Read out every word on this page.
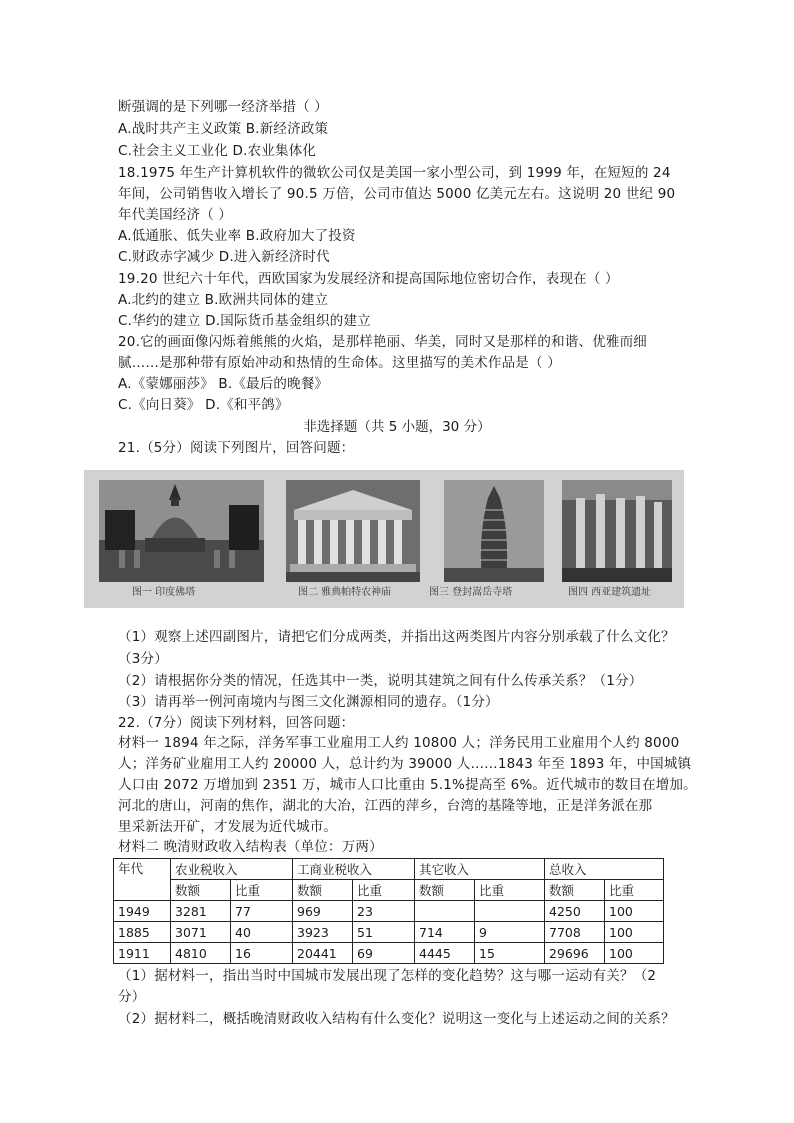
断强调的是下列哪一经济举措（ ）
A.战时共产主义政策 B.新经济政策
C.社会主义工业化 D.农业集体化
18.1975 年生产计算机软件的微软公司仅是美国一家小型公司，到 1999 年，在短短的 24
年间，公司销售收入增长了 90.5 万倍，公司市值达 5000 亿美元左右。这说明 20 世纪 90
年代美国经济（ ）
A.低通胀、低失业率 B.政府加大了投资
C.财政赤字减少 D.进入新经济时代
19.20 世纪六十年代，西欧国家为发展经济和提高国际地位密切合作，表现在（ ）
A.北约的建立 B.欧洲共同体的建立
C.华约的建立 D.国际货币基金组织的建立
20.它的画面像闪烁着熊熊的火焰，是那样艳丽、华美，同时又是那样的和谐、优雅而细
腻……是那种带有原始冲动和热情的生命体。这里描写的美术作品是（ ）
A.《蒙娜丽莎》 B.《最后的晚餐》
C.《向日葵》 D.《和平鸽》
非选择题（共 5 小题，30 分）
21.（5分）阅读下列图片，回答问题：
图一 印度佛塔	图二 雅典帕特农神庙	图三 登封嵩岳寺塔	图四 西亚建筑遗址
（1）观察上述四副图片，请把它们分成两类，并指出这两类图片内容分别承载了什么文化？
（3分）
（2）请根据你分类的情况，任选其中一类，说明其建筑之间有什么传承关系？（1分）
（3）请再举一例河南境内与图三文化渊源相同的遗存。（1分）
22.（7分）阅读下列材料，回答问题：
材料一 1894 年之际，洋务军事工业雇用工人约 10800 人；洋务民用工业雇用个人约 8000
人；洋务矿业雇用工人约 20000 人，总计约为 39000 人……1843 年至 1893 年，中国城镇
人口由 2072 万增加到 2351 万，城市人口比重由 5.1%提高至 6%。近代城市的数目在增加。
河北的唐山，河南的焦作，湖北的大冶，江西的萍乡，台湾的基隆等地，正是洋务派在那
里采新法开矿，才发展为近代城市。
材料二 晚清财政收入结构表（单位：万两）
年代	农业税收入		工商业税收入		其它收入		总收入	
	数额	比重	数额	比重	数额	比重	数额	比重
1949	3281	77	969	23			4250	100
1885	3071	40	3923	51	714	9	7708	100
1911	4810	16	20441	69	4445	15	29696	100
（1）据材料一，指出当时中国城市发展出现了怎样的变化趋势？这与哪一运动有关？（2
分）
（2）据材料二，概括晚清财政收入结构有什么变化？说明这一变化与上述运动之间的关系？
